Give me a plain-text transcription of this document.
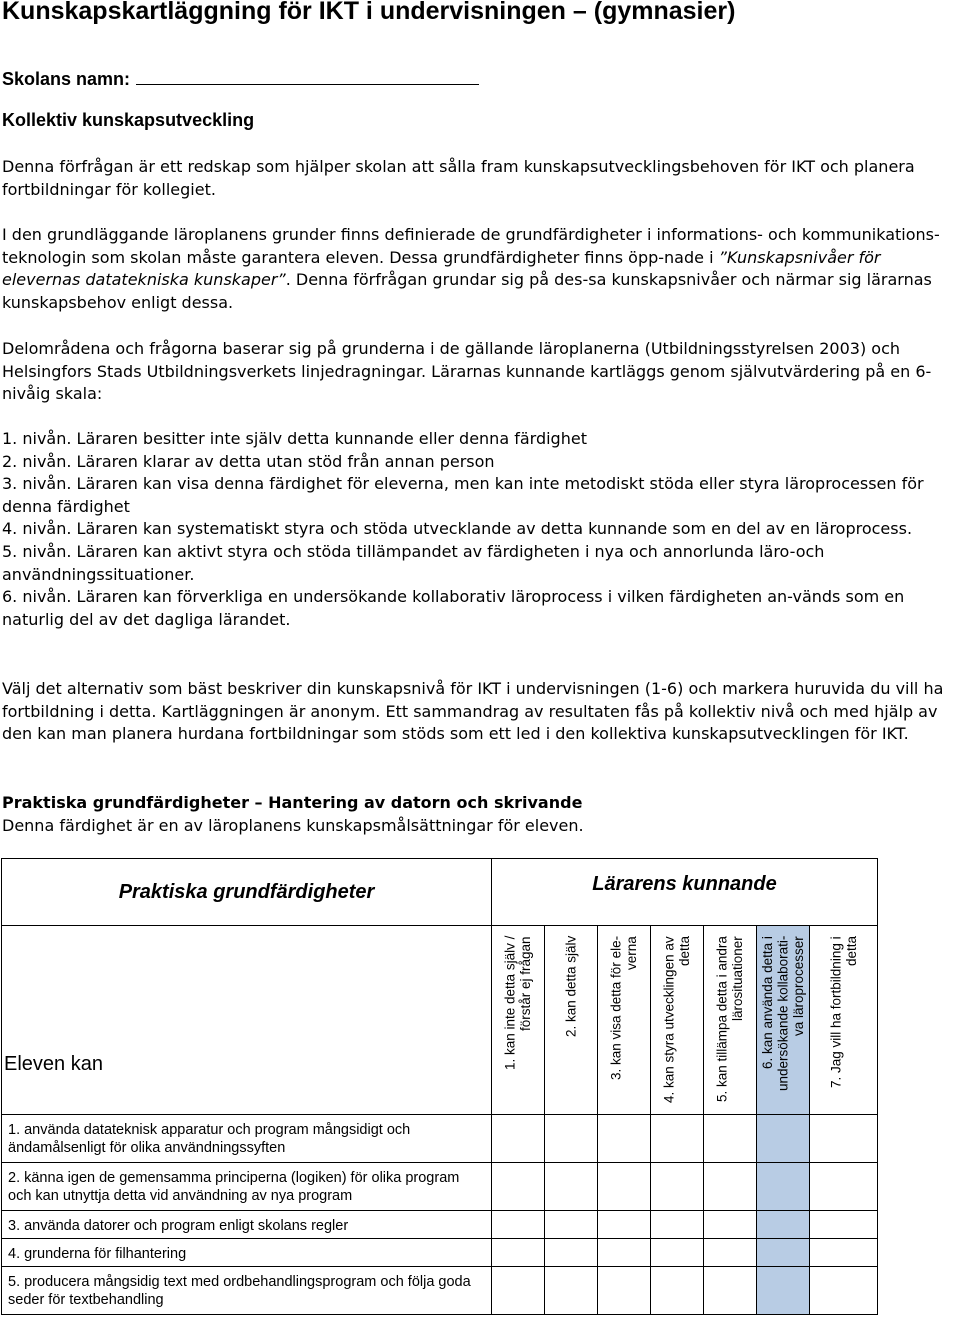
Kunskapskartläggning för IKT i undervisningen – (gymnasier)
Skolans namn:
Kollektiv kunskapsutveckling

Denna förfrågan är ett redskap som hjälper skolan att sålla fram kunskapsutvecklingsbehoven för IKT och planera fortbildningar för kollegiet.

I den grundläggande läroplanens grunder finns definierade de grundfärdigheter i informations- och kommunikations-teknologin som skolan måste garantera eleven. Dessa grundfärdigheter finns öpp-nade i ”Kunskapsnivåer för elevernas datatekniska kunskaper”. Denna förfrågan grundar sig på des-sa kunskapsnivåer och närmar sig lärarnas kunskapsbehov enligt dessa.

Delområdena och frågorna baserar sig på grunderna i de gällande läroplanerna (Utbildningsstyrelsen 2003) och Helsingfors Stads Utbildningsverkets linjedragningar. Lärarnas kunnande kartläggs genom självutvärdering på en 6-nivåig skala:

1. nivån. Läraren besitter inte själv detta kunnande eller denna färdighet
2. nivån. Läraren klarar av detta utan stöd från annan person
3. nivån. Läraren kan visa denna färdighet för eleverna, men kan inte metodiskt stöda eller styra läroprocessen för denna färdighet
4. nivån. Läraren kan systematiskt styra och stöda utvecklande av detta kunnande som en del av en läroprocess.
5. nivån. Läraren kan aktivt styra och stöda tillämpandet av färdigheten i nya och annorlunda läro-och användningssituationer.
6. nivån. Läraren kan förverkliga en undersökande kollaborativ läroprocess i vilken färdigheten an-vänds som en naturlig del av det dagliga lärandet.

Välj det alternativ som bäst beskriver din kunskapsnivå för IKT i undervisningen (1-6) och markera huruvida du vill ha fortbildning i detta. Kartläggningen är anonym. Ett sammandrag av resultaten fås på kollektiv nivå och med hjälp av den kan man planera hurdana fortbildningar som stöds som ett led i den kollektiva kunskapsutvecklingen för IKT.

Praktiska grundfärdigheter – Hantering av datorn och skrivande
Denna färdighet är en av läroplanens kunskapsmålsättningar för eleven.
Praktiska grundfärdigheter	Lärarens kunnande						
Eleven kan	1. kan inte detta själv / förstår ej frågan	2. kan detta själv	3. kan visa detta för ele-verna	4. kan styra utvecklingen av detta	5. kan tillämpa detta i andra lärosituationer	6. kan använda detta i undersökande kollaborati-va läroprocesser	7. Jag vill ha fortbildning i detta

1. använda datateknisk apparatur och program mångsidigt och ändamålsenligt för olika användningssyften							
2. känna igen de gemensamma principerna (logiken) för olika program och kan utnyttja detta vid användning av nya program							
3. använda datorer och program enligt skolans regler							
4. grunderna för filhantering							
5. producera mångsidig text med ordbehandlingsprogram och följa goda seder för textbehandling							
